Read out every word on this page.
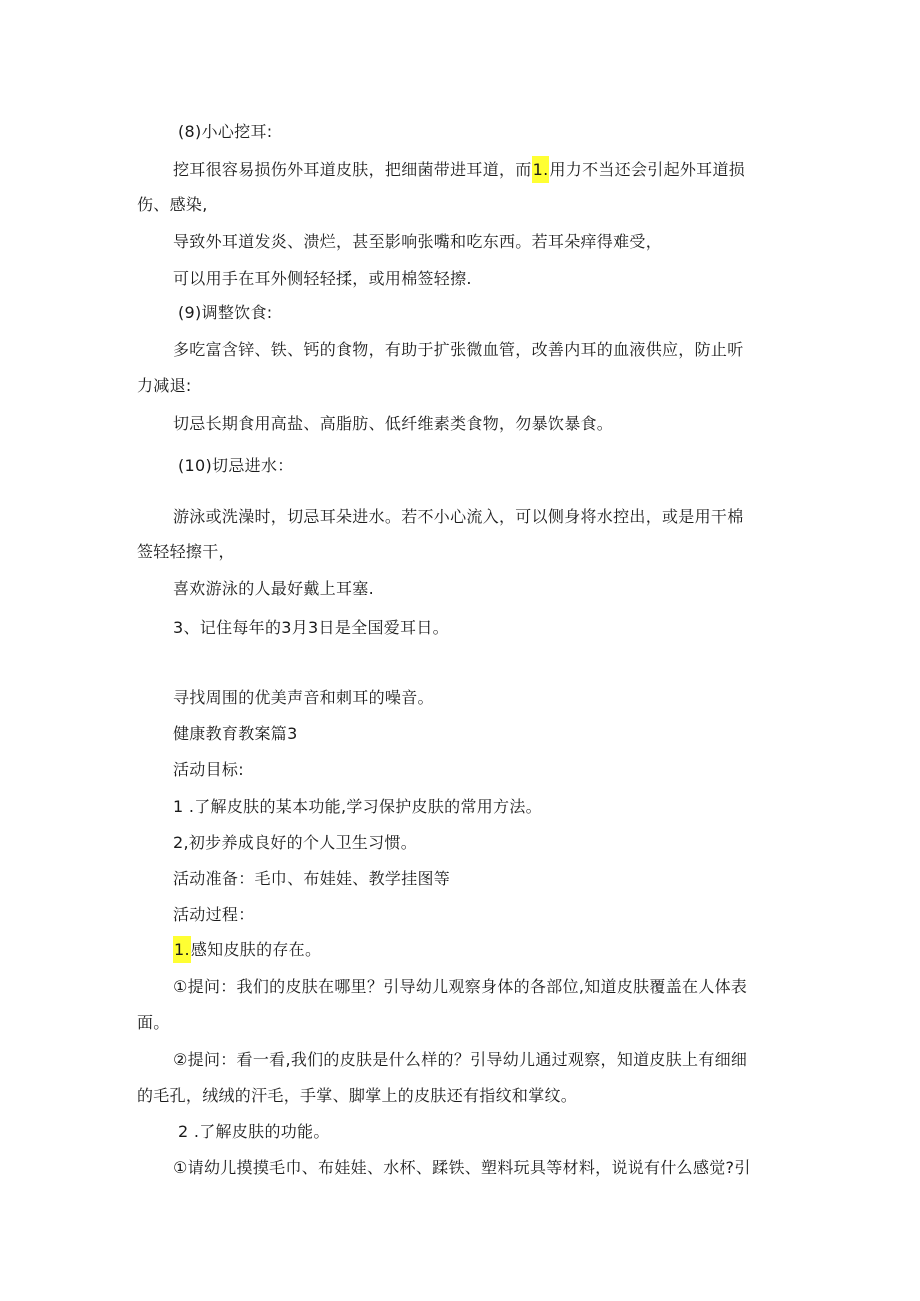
(8)小心挖耳:
挖耳很容易损伤外耳道皮肤，把细菌带进耳道，而1.用力不当还会引起外耳道损
伤、感染,
导致外耳道发炎、溃烂，甚至影响张嘴和吃东西。若耳朵痒得难受，
可以用手在耳外侧轻轻揉，或用棉签轻擦.
(9)调整饮食:
多吃富含锌、铁、钙的食物，有助于扩张微血管，改善内耳的血液供应，防止听
力减退:
切忌长期食用高盐、高脂肪、低纤维素类食物，勿暴饮暴食。
(10)切忌进水：
游泳或洗澡时，切忌耳朵进水。若不小心流入，可以侧身将水控出，或是用干棉
签轻轻擦干，
喜欢游泳的人最好戴上耳塞.
3、记住每年的3月3日是全国爱耳日。
寻找周围的优美声音和刺耳的噪音。
健康教育教案篇3
活动目标:
1 .了解皮肤的某本功能,学习保护皮肤的常用方法。
2,初步养成良好的个人卫生习惯。
活动准备：毛巾、布娃娃、教学挂图等
活动过程：
1.感知皮肤的存在。
①提问：我们的皮肤在哪里？引导幼儿观察身体的各部位,知道皮肤覆盖在人体表
面。
②提问：看一看,我们的皮肤是什么样的？引导幼儿通过观察，知道皮肤上有细细
的毛孔，绒绒的汗毛，手掌、脚掌上的皮肤还有指纹和掌纹。
2 .了解皮肤的功能。
①请幼儿摸摸毛巾、布娃娃、水杯、蹂铁、塑料玩具等材料，说说有什么感觉?引
